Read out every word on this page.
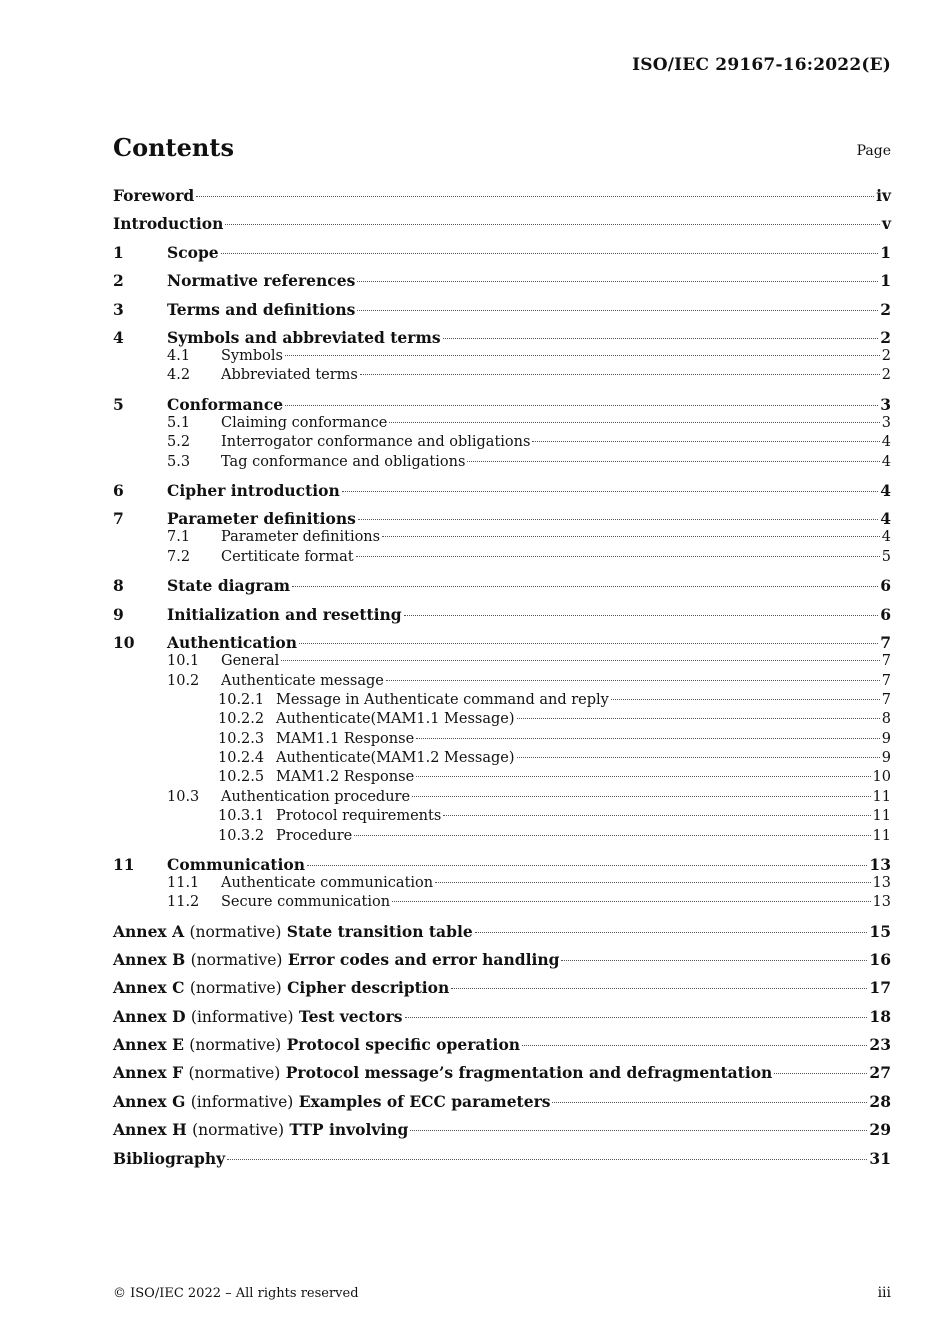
ISO/IEC 29167-16:2022(E)
Contents	Page
Foreword	iv
Introduction	v
1	Scope	1
2	Normative references	1
3	Terms and definitions	2
4	Symbols and abbreviated terms	2
4.1	Symbols	2
4.2	Abbreviated terms	2
5	Conformance	3
5.1	Claiming conformance	3
5.2	Interrogator conformance and obligations	4
5.3	Tag conformance and obligations	4
6	Cipher introduction	4
7	Parameter definitions	4
7.1	Parameter definitions	4
7.2	Certiticate format	5
8	State diagram	6
9	Initialization and resetting	6
10	Authentication	7
10.1	General	7
10.2	Authenticate message	7
10.2.1 Message in Authenticate command and reply	7
10.2.2 Authenticate(MAM1.1 Message)	8
10.2.3 MAM1.1 Response	9
10.2.4 Authenticate(MAM1.2 Message)	9
10.2.5 MAM1.2 Response	10
10.3	Authentication procedure	11
10.3.1 Protocol requirements	11
10.3.2 Procedure	11
11	Communication	13
11.1	Authenticate communication	13
11.2	Secure communication	13
Annex A (normative) State transition table	15
Annex B (normative) Error codes and error handling	16
Annex C (normative) Cipher description	17
Annex D (informative) Test vectors	18
Annex E (normative) Protocol specific operation	23
Annex F (normative) Protocol message’s fragmentation and defragmentation	27
Annex G (informative) Examples of ECC parameters	28
Annex H (normative) TTP involving	29
Bibliography	31
© ISO/IEC 2022 – All rights reserved	iii
